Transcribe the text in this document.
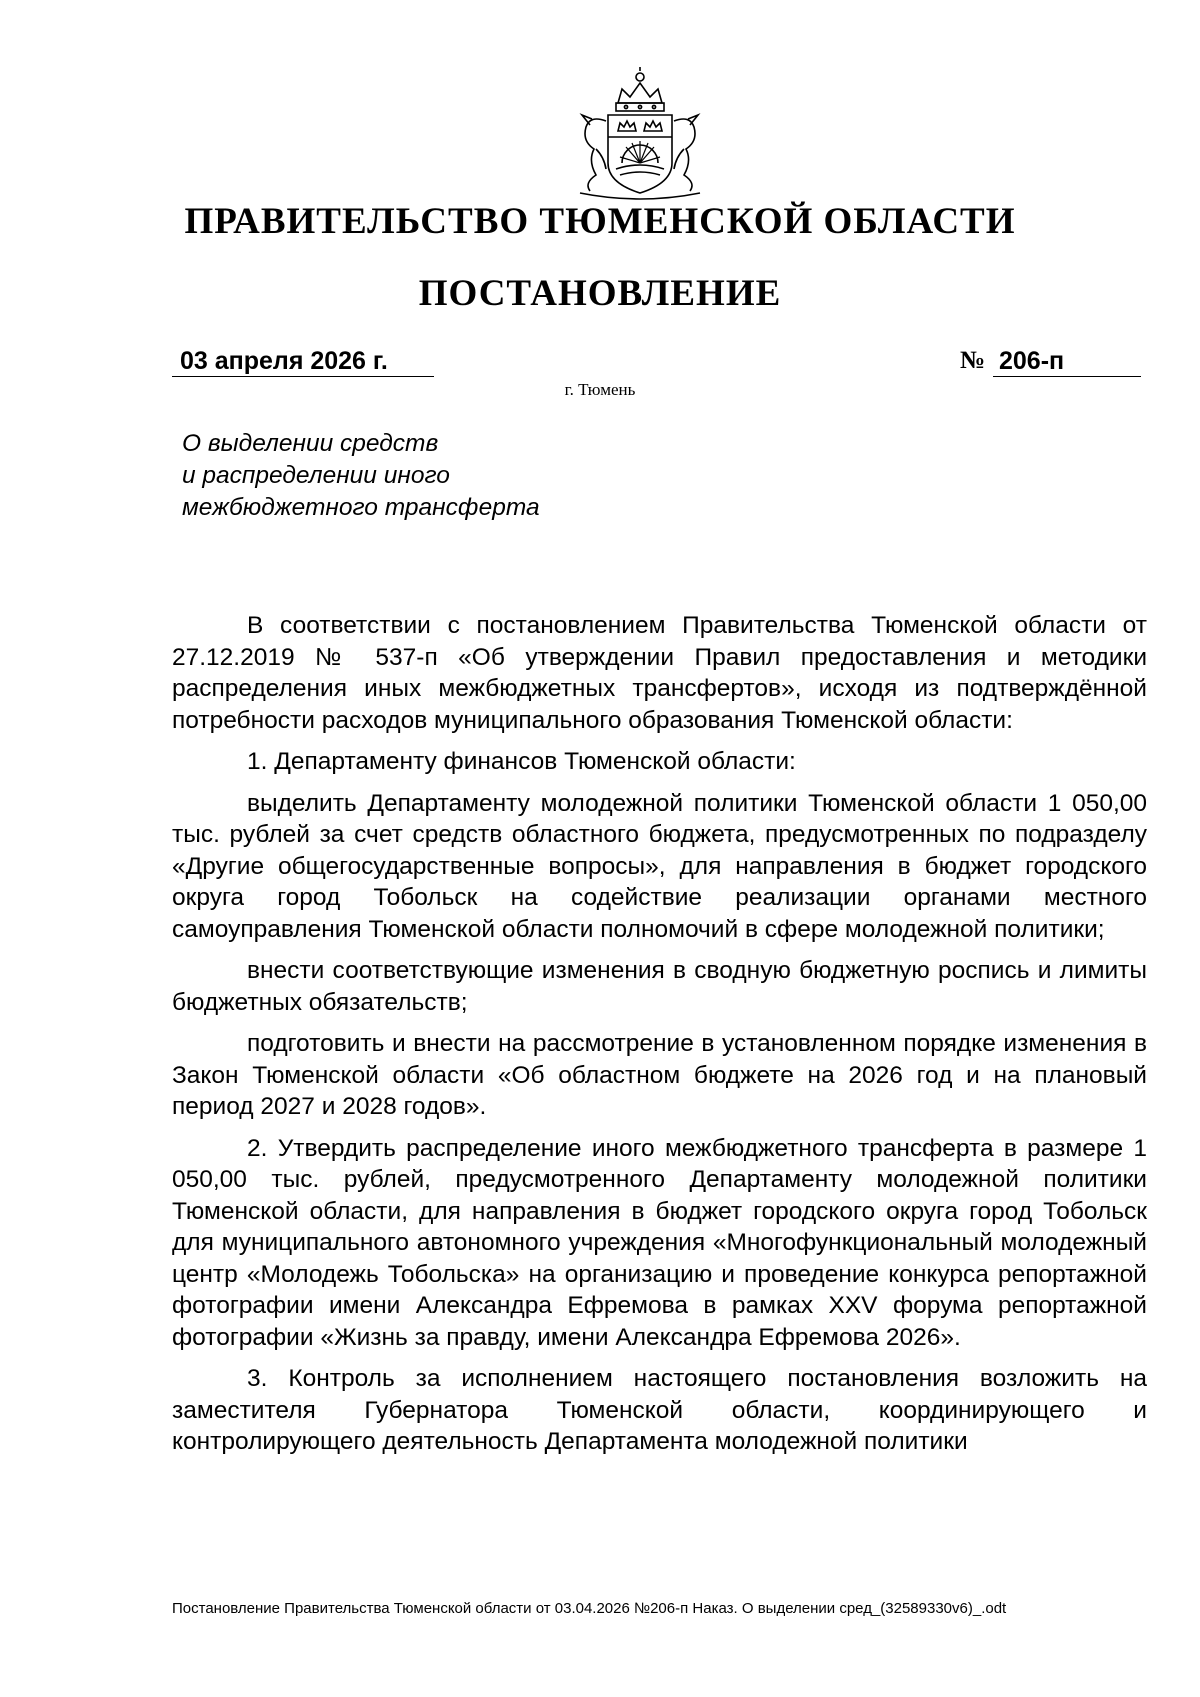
ПРАВИТЕЛЬСТВО ТЮМЕНСКОЙ ОБЛАСТИ
ПОСТАНОВЛЕНИЕ
03 апреля 2026 г.	№ 206-п
г. Тюмень
О выделении средств
и распределении иного
межбюджетного трансферта

В соответствии с постановлением Правительства Тюменской области от 27.12.2019 № 537-п «Об утверждении Правил предоставления и методики распределения иных межбюджетных трансфертов», исходя из подтверждённой потребности расходов муниципального образования Тюменской области:

1. Департаменту финансов Тюменской области:

выделить Департаменту молодежной политики Тюменской области 1 050,00 тыс. рублей за счет средств областного бюджета, предусмотренных по подразделу «Другие общегосударственные вопросы», для направления в бюджет городского округа город Тобольск на содействие реализации органами местного самоуправления Тюменской области полномочий в сфере молодежной политики;

внести соответствующие изменения в сводную бюджетную роспись и лимиты бюджетных обязательств;

подготовить и внести на рассмотрение в установленном порядке изменения в Закон Тюменской области «Об областном бюджете на 2026 год и на плановый период 2027 и 2028 годов».

2. Утвердить распределение иного межбюджетного трансферта в размере 1 050,00 тыс. рублей, предусмотренного Департаменту молодежной политики Тюменской области, для направления в бюджет городского округа город Тобольск для муниципального автономного учреждения «Многофункциональный молодежный центр «Молодежь Тобольска» на организацию и проведение конкурса репортажной фотографии имени Александра Ефремова в рамках XXV форума репортажной фотографии «Жизнь за правду, имени Александра Ефремова 2026».

3. Контроль за исполнением настоящего постановления возложить на заместителя Губернатора Тюменской области, координирующего и контролирующего деятельность Департамента молодежной политики

Постановление Правительства Тюменской области от 03.04.2026 №206-п Наказ. О выделении сред_(32589330v6)_.odt
